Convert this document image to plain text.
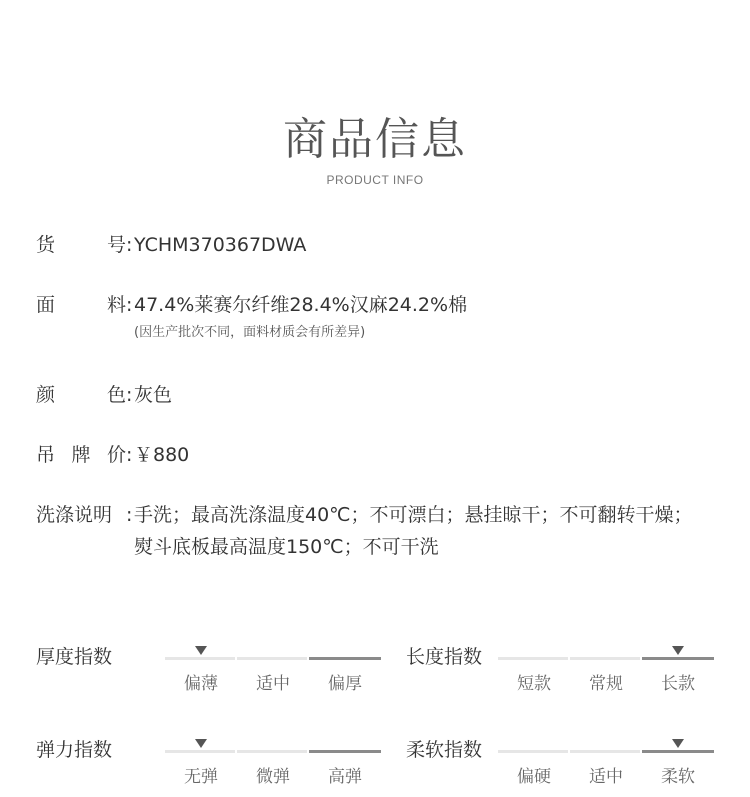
商品信息
PRODUCT INFO
货	号 : YCHM370367DWA
面	料 : 47.4%莱赛尔纤维28.4%汉麻24.2%棉
(因生产批次不同，面料材质会有所差异)
颜	色 : 灰色
吊 牌 价 : ￥880
洗涤说明 : 手洗；最高洗涤温度40℃；不可漂白；悬挂晾干；不可翻转干燥；
熨斗底板最高温度150℃；不可干洗
厚度指数
偏薄	适中	偏厚
长度指数
短款	常规	长款
弹力指数
无弹	微弹	高弹
柔软指数
偏硬	适中	柔软
